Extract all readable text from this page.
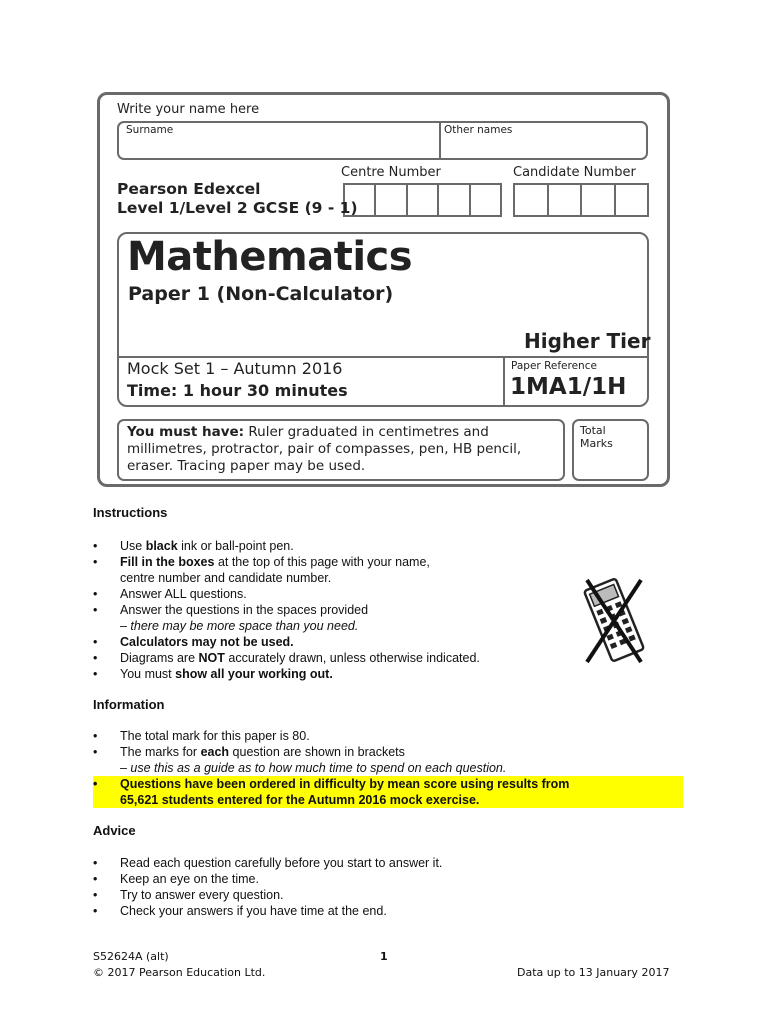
Write your name here
Surname	Other names
Centre Number	Candidate Number
Pearson Edexcel
Level 1/Level 2 GCSE (9 - 1)
Mathematics
Paper 1 (Non-Calculator)
Higher Tier
Mock Set 1 – Autumn 2016
Time: 1 hour 30 minutes
Paper Reference
1MA1/1H
You must have: Ruler graduated in centimetres and millimetres, protractor, pair of compasses, pen, HB pencil, eraser. Tracing paper may be used.
Total Marks
Instructions
• Use black ink or ball-point pen.
• Fill in the boxes at the top of this page with your name,
centre number and candidate number.
• Answer ALL questions.
• Answer the questions in the spaces provided
– there may be more space than you need.
• Calculators may not be used.
• Diagrams are NOT accurately drawn, unless otherwise indicated.
• You must show all your working out.
Information
• The total mark for this paper is 80.
• The marks for each question are shown in brackets
– use this as a guide as to how much time to spend on each question.
• Questions have been ordered in difficulty by mean score using results from
65,621 students entered for the Autumn 2016 mock exercise.
Advice
• Read each question carefully before you start to answer it.
• Keep an eye on the time.
• Try to answer every question.
• Check your answers if you have time at the end.
S52624A (alt)	1
© 2017 Pearson Education Ltd.	Data up to 13 January 2017
